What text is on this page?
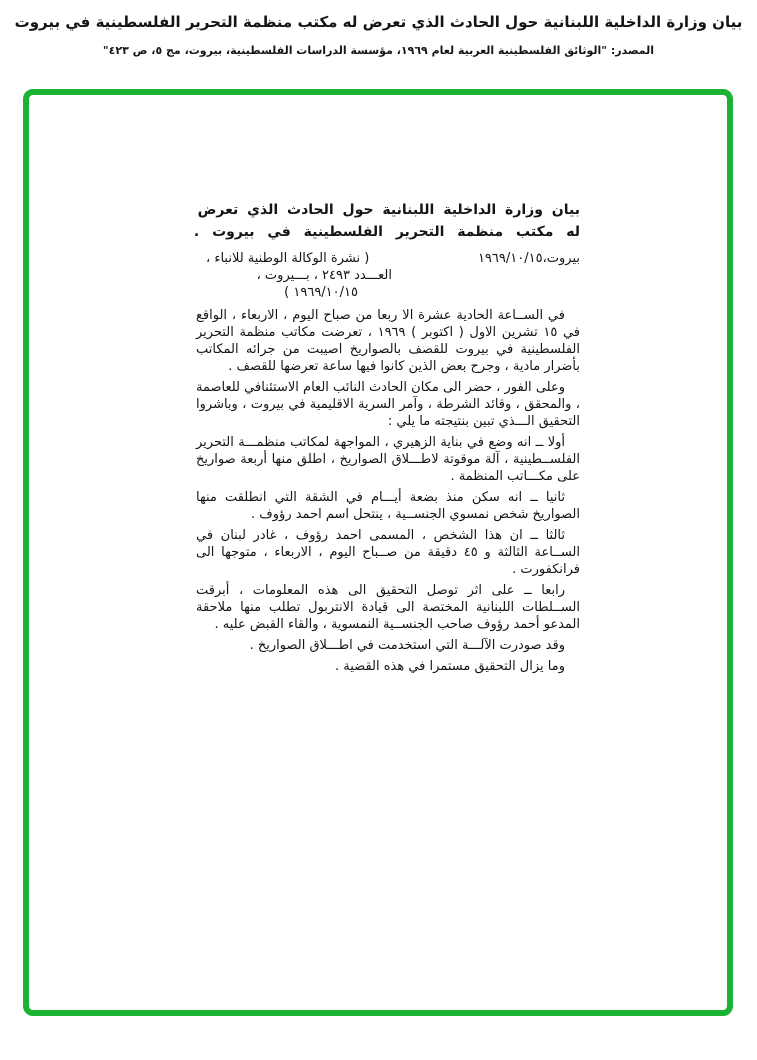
بيان وزارة الداخلية اللبنانية حول الحادث الذي تعرض له مكتب منظمة التحرير الفلسطينية في بيروت
المصدر: "الوثائق الفلسطينية العربية لعام ١٩٦٩، مؤسسة الدراسات الفلسطينية، بيروت، مج ٥، ص ٤٢٣"
بيان وزارة الداخلية اللبنانية حول الحادث الذي تعرض
له مكتب منظمة التحرير الفلسطينية في بيروت .
بيروت،١٩٦٩/١٠/١٥
( نشرة الوكالة الوطنية للانباء ،
العـــدد ٢٤٩٣ ، بـــيروت ،
١٩٦٩/١٠/١٥ )

في الســاعة الحادية عشرة الا ربعا من صباح اليوم ، الاربعاء ، الواقع في ١٥ تشرين الاول ( اكتوبر ) ١٩٦٩ ، تعرضت مكاتب منظمة التحرير الفلسطينية في بيروت للقصف بالصواريخ اصيبت من جرائه المكاتب بأضرار مادية ، وجرح بعض الذين كانوا فيها ساعة تعرضها للقصف .

وعلى الفور ، حضر الى مكان الحادث النائب العام الاستئنافي للعاصمة ، والمحقق ، وقائد الشرطة ، وآمر السرية الاقليمية في بيروت ، وباشروا التحقيق الـــذي تبين بنتيجته ما يلي :

أولا ــ انه وضع في بناية الزهيري ، المواجهة لمكاتب منظمـــة التحرير الفلســطينية ، آلة موقوتة لاطـــلاق الصواريخ ، اطلق منها أربعة صواريخ على مكـــاتب المنظمة .

ثانيا ــ انه سكن منذ بضعة أيـــام في الشقة التي انطلقت منها الصواريخ شخص نمسوي الجنســية ، ينتحل اسم احمد رؤوف .

ثالثا ــ ان هذا الشخص ، المسمى احمد رؤوف ، غادر لبنان في الســاعة الثالثة و ٤٥ دقيقة من صــباح اليوم ، الاربعاء ، متوجها الى فرانكفورت .

رابعا ــ على اثر توصل التحقيق الى هذه المعلومات ، أبرقت الســلطات اللبنانية المختصة الى قيادة الانتربول تطلب منها ملاحقة المدعو أحمد رؤوف صاحب الجنســية النمسوية ، والقاء القبض عليه .

وقد صودرت الآلـــة التي استخدمت في اطـــلاق الصواريخ .

وما يزال التحقيق مستمرا في هذه القضية .
